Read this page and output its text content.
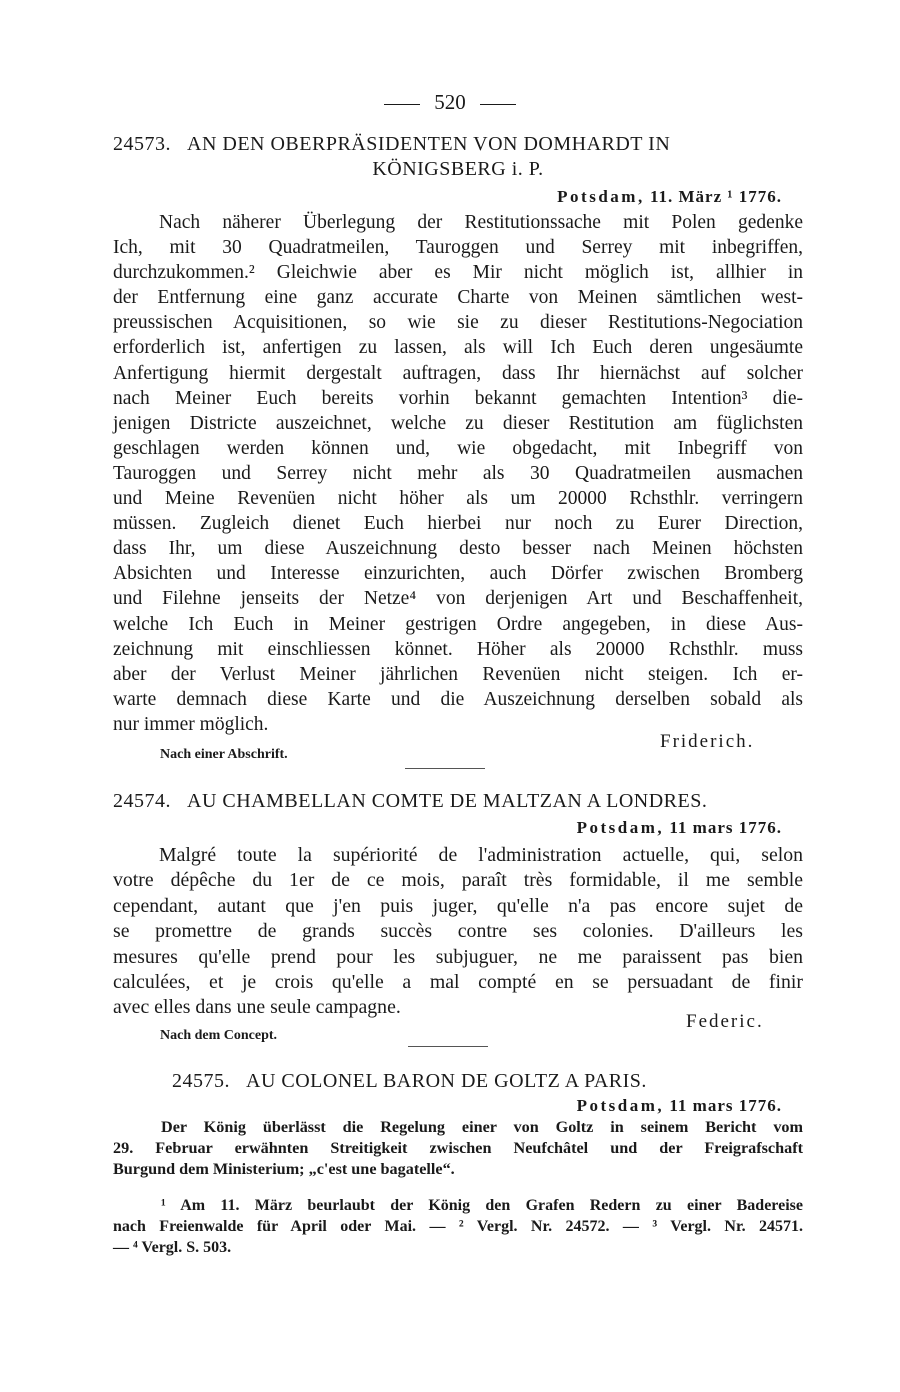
520
24573. AN DEN OBERPRÄSIDENTEN VON DOMHARDT IN
KÖNIGSBERG i. P.
Potsdam, 11. März ¹ 1776.
Nach näherer Überlegung der Restitutionssache mit Polen gedenke
Ich, mit 30 Quadratmeilen, Tauroggen und Serrey mit inbegriffen,
durchzukommen.² Gleichwie aber es Mir nicht möglich ist, allhier in
der Entfernung eine ganz accurate Charte von Meinen sämtlichen west-
preussischen Acquisitionen, so wie sie zu dieser Restitutions-Negociation
erforderlich ist, anfertigen zu lassen, als will Ich Euch deren ungesäumte
Anfertigung hiermit dergestalt auftragen, dass Ihr hiernächst auf solcher
nach Meiner Euch bereits vorhin bekannt gemachten Intention³ die-
jenigen Districte auszeichnet, welche zu dieser Restitution am füglichsten
geschlagen werden können und, wie obgedacht, mit Inbegriff von
Tauroggen und Serrey nicht mehr als 30 Quadratmeilen ausmachen
und Meine Revenüen nicht höher als um 20000 Rchsthlr. verringern
müssen. Zugleich dienet Euch hierbei nur noch zu Eurer Direction,
dass Ihr, um diese Auszeichnung desto besser nach Meinen höchsten
Absichten und Interesse einzurichten, auch Dörfer zwischen Bromberg
und Filehne jenseits der Netze⁴ von derjenigen Art und Beschaffenheit,
welche Ich Euch in Meiner gestrigen Ordre angegeben, in diese Aus-
zeichnung mit einschliessen könnet. Höher als 20000 Rchsthlr. muss
aber der Verlust Meiner jährlichen Revenüen nicht steigen. Ich er-
warte demnach diese Karte und die Auszeichnung derselben sobald als
nur immer möglich.
Friderich.
Nach einer Abschrift.
24574. AU CHAMBELLAN COMTE DE MALTZAN A LONDRES.
Potsdam, 11 mars 1776.
Malgré toute la supériorité de l'administration actuelle, qui, selon
votre dépêche du 1er de ce mois, paraît très formidable, il me semble
cependant, autant que j'en puis juger, qu'elle n'a pas encore sujet de
se promettre de grands succès contre ses colonies. D'ailleurs les
mesures qu'elle prend pour les subjuguer, ne me paraissent pas bien
calculées, et je crois qu'elle a mal compté en se persuadant de finir
avec elles dans une seule campagne.
Federic.
Nach dem Concept.
24575. AU COLONEL BARON DE GOLTZ A PARIS.
Potsdam, 11 mars 1776.
Der König überlässt die Regelung einer von Goltz in seinem Bericht vom
29. Februar erwähnten Streitigkeit zwischen Neufchâtel und der Freigrafschaft
Burgund dem Ministerium; „c'est une bagatelle“.
¹ Am 11. März beurlaubt der König den Grafen Redern zu einer Badereise
nach Freienwalde für April oder Mai. — ² Vergl. Nr. 24572. — ³ Vergl. Nr. 24571.
— ⁴ Vergl. S. 503.
